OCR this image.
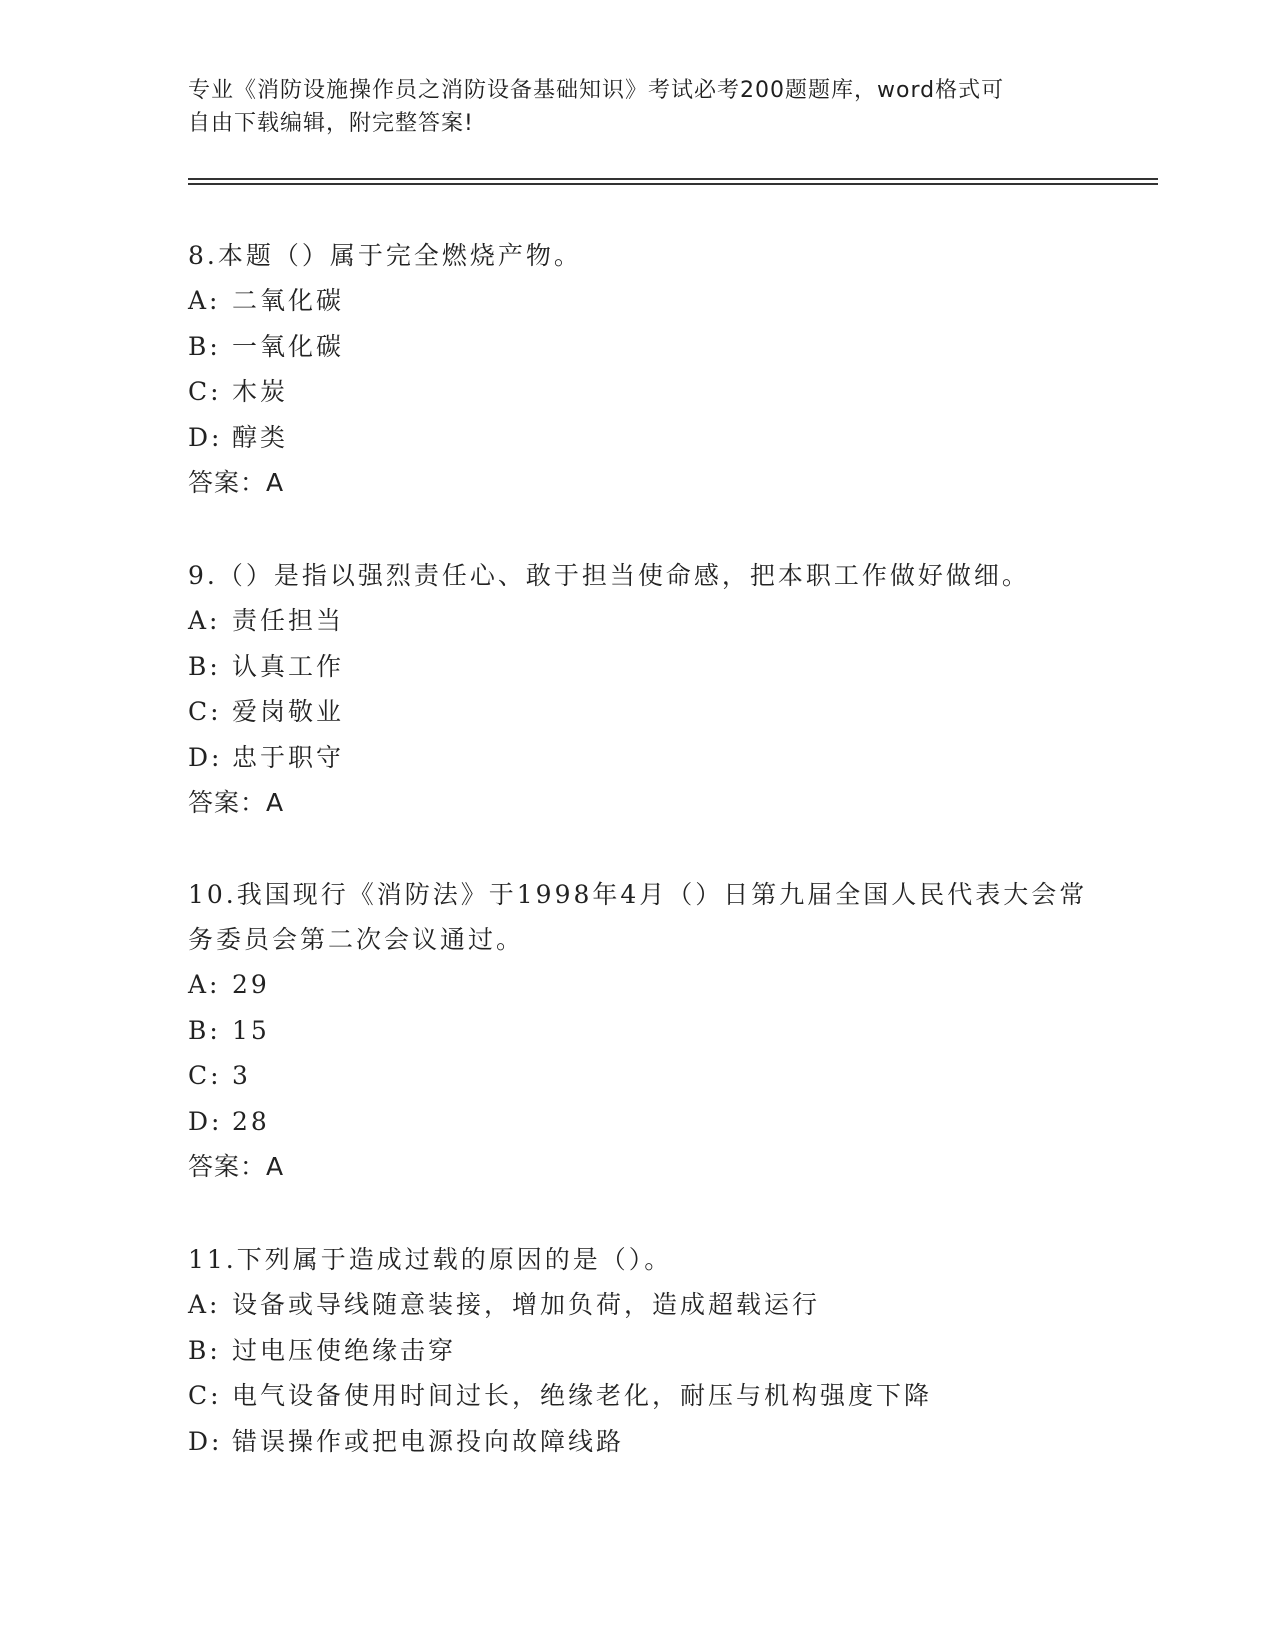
专业《消防设施操作员之消防设备基础知识》考试必考200题题库，word格式可
自由下载编辑，附完整答案!
8.本题（）属于完全燃烧产物。
A: 二氧化碳
B: 一氧化碳
C: 木炭
D: 醇类
答案：A
9.（）是指以强烈责任心、敢于担当使命感，把本职工作做好做细。
A: 责任担当
B: 认真工作
C: 爱岗敬业
D: 忠于职守
答案：A
10.我国现行《消防法》于1998年4月（）日第九届全国人民代表大会常务委员会第二次会议通过。
A: 29
B: 15
C: 3
D: 28
答案：A
11.下列属于造成过载的原因的是（）。
A: 设备或导线随意装接，增加负荷，造成超载运行
B: 过电压使绝缘击穿
C: 电气设备使用时间过长，绝缘老化，耐压与机构强度下降
D: 错误操作或把电源投向故障线路
